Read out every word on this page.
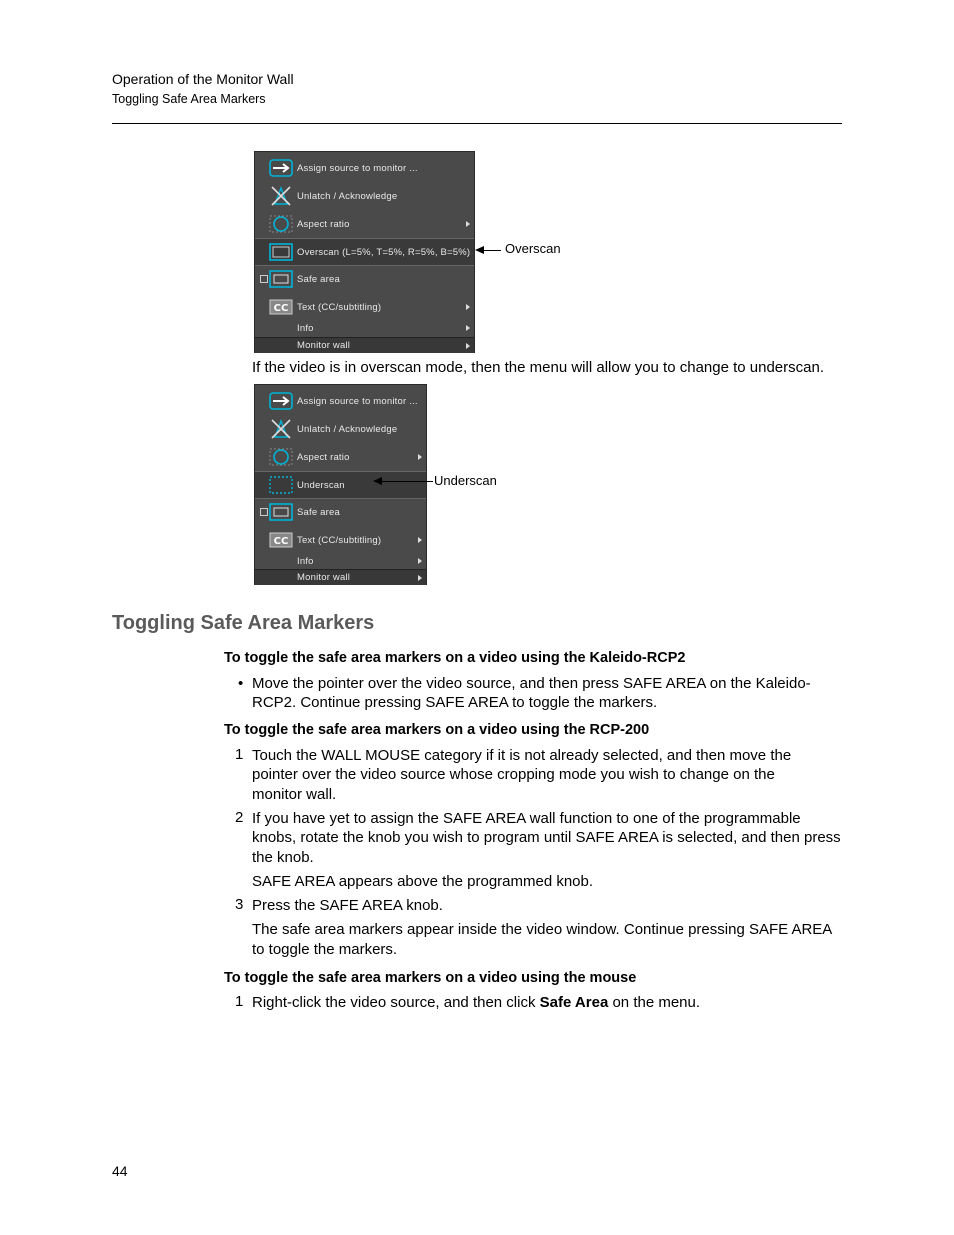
Operation of the Monitor Wall
Toggling Safe Area Markers
Assign source to monitor ...
Unlatch / Acknowledge
Aspect ratio
Overscan (L=5%, T=5%, R=5%, B=5%)
Safe area
CC Text (CC/subtitling)
Info
Monitor wall
Overscan
If the video is in overscan mode, then the menu will allow you to change to underscan.
Assign source to monitor ...
Unlatch / Acknowledge
Aspect ratio
Underscan
Safe area
CC Text (CC/subtitling)
Info
Monitor wall
Underscan
Toggling Safe Area Markers
To toggle the safe area markers on a video using the Kaleido-RCP2
• Move the pointer over the video source, and then press SAFE AREA on the Kaleido-
RCP2. Continue pressing SAFE AREA to toggle the markers.
To toggle the safe area markers on a video using the RCP-200
1 Touch the WALL MOUSE category if it is not already selected, and then move the
pointer over the video source whose cropping mode you wish to change on the
monitor wall.
2 If you have yet to assign the SAFE AREA wall function to one of the programmable
knobs, rotate the knob you wish to program until SAFE AREA is selected, and then press
the knob.
SAFE AREA appears above the programmed knob.
3 Press the SAFE AREA knob.
The safe area markers appear inside the video window. Continue pressing SAFE AREA
to toggle the markers.
To toggle the safe area markers on a video using the mouse
1 Right-click the video source, and then click Safe Area on the menu.
44
